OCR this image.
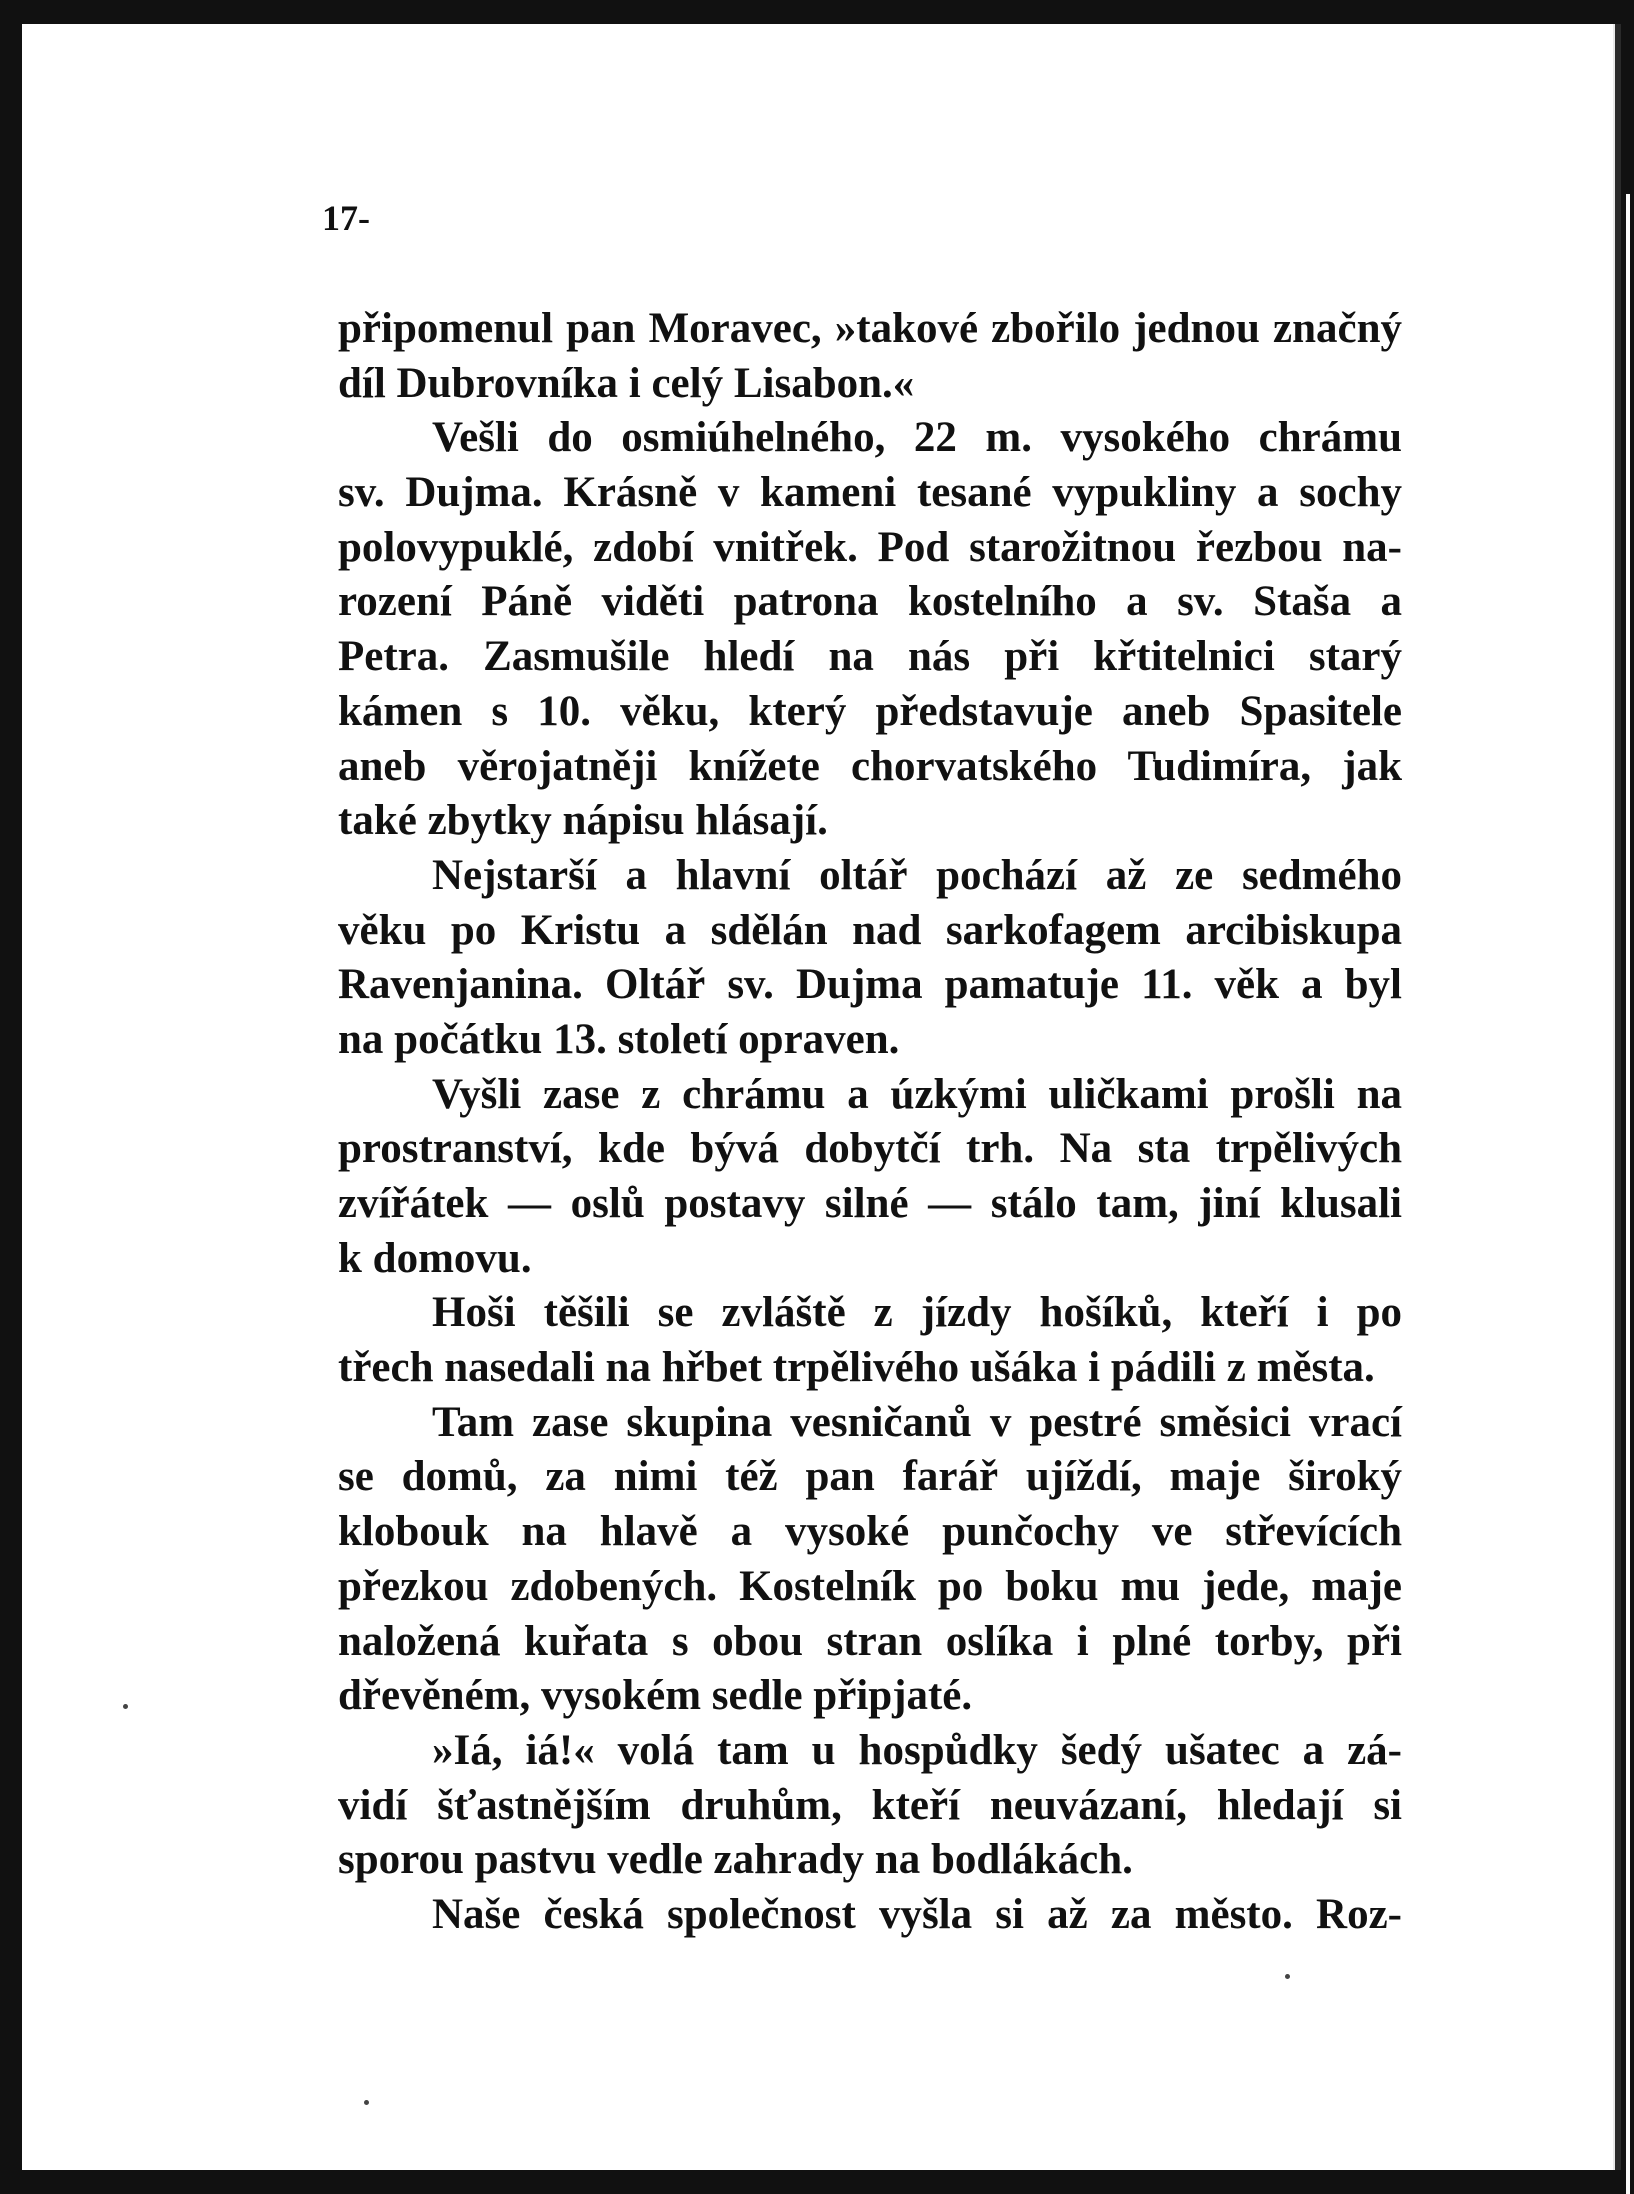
17-
připomenul pan Moravec, »takové zbořilo jednou značný
díl Dubrovníka i celý Lisabon.«
Vešli do osmiúhelného, 22 m. vysokého chrámu
sv. Dujma. Krásně v kameni tesané vypukliny a sochy
polovypuklé, zdobí vnitřek. Pod starožitnou řezbou na-
rození Páně viděti patrona kostelního a sv. Staša a
Petra. Zasmušile hledí na nás při křtitelnici starý
kámen s 10. věku, který představuje aneb Spasitele
aneb věrojatněji knížete chorvatského Tudimíra, jak
také zbytky nápisu hlásají.
Nejstarší a hlavní oltář pochází až ze sedmého
věku po Kristu a sdělán nad sarkofagem arcibiskupa
Ravenjanina. Oltář sv. Dujma pamatuje 11. věk a byl
na počátku 13. století opraven.
Vyšli zase z chrámu a úzkými uličkami prošli na
prostranství, kde bývá dobytčí trh. Na sta trpělivých
zvířátek — oslů postavy silné — stálo tam, jiní klusali
k domovu.
Hoši těšili se zvláště z jízdy hošíků, kteří i po
třech nasedali na hřbet trpělivého ušáka i pádili z města.
Tam zase skupina vesničanů v pestré směsici vrací
se domů, za nimi též pan farář ujíždí, maje široký
klobouk na hlavě a vysoké punčochy ve střevících
přezkou zdobených. Kostelník po boku mu jede, maje
naložená kuřata s obou stran oslíka i plné torby, při
dřevěném, vysokém sedle připjaté.
»Iá, iá!« volá tam u hospůdky šedý ušatec a zá-
vidí šťastnějším druhům, kteří neuvázaní, hledají si
sporou pastvu vedle zahrady na bodlákách.
Naše česká společnost vyšla si až za město. Roz-
